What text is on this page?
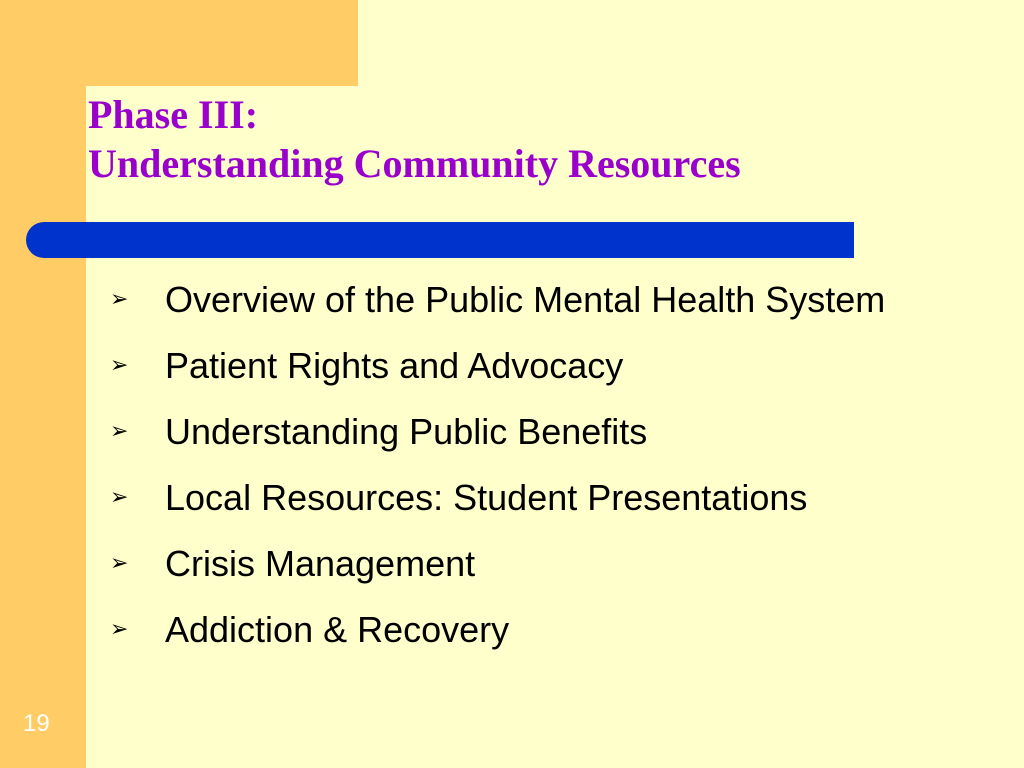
Phase III:
Understanding Community Resources
➢ Overview of the Public Mental Health System
➢ Patient Rights and Advocacy
➢ Understanding Public Benefits
➢ Local Resources: Student Presentations
➢ Crisis Management
➢ Addiction & Recovery
19
